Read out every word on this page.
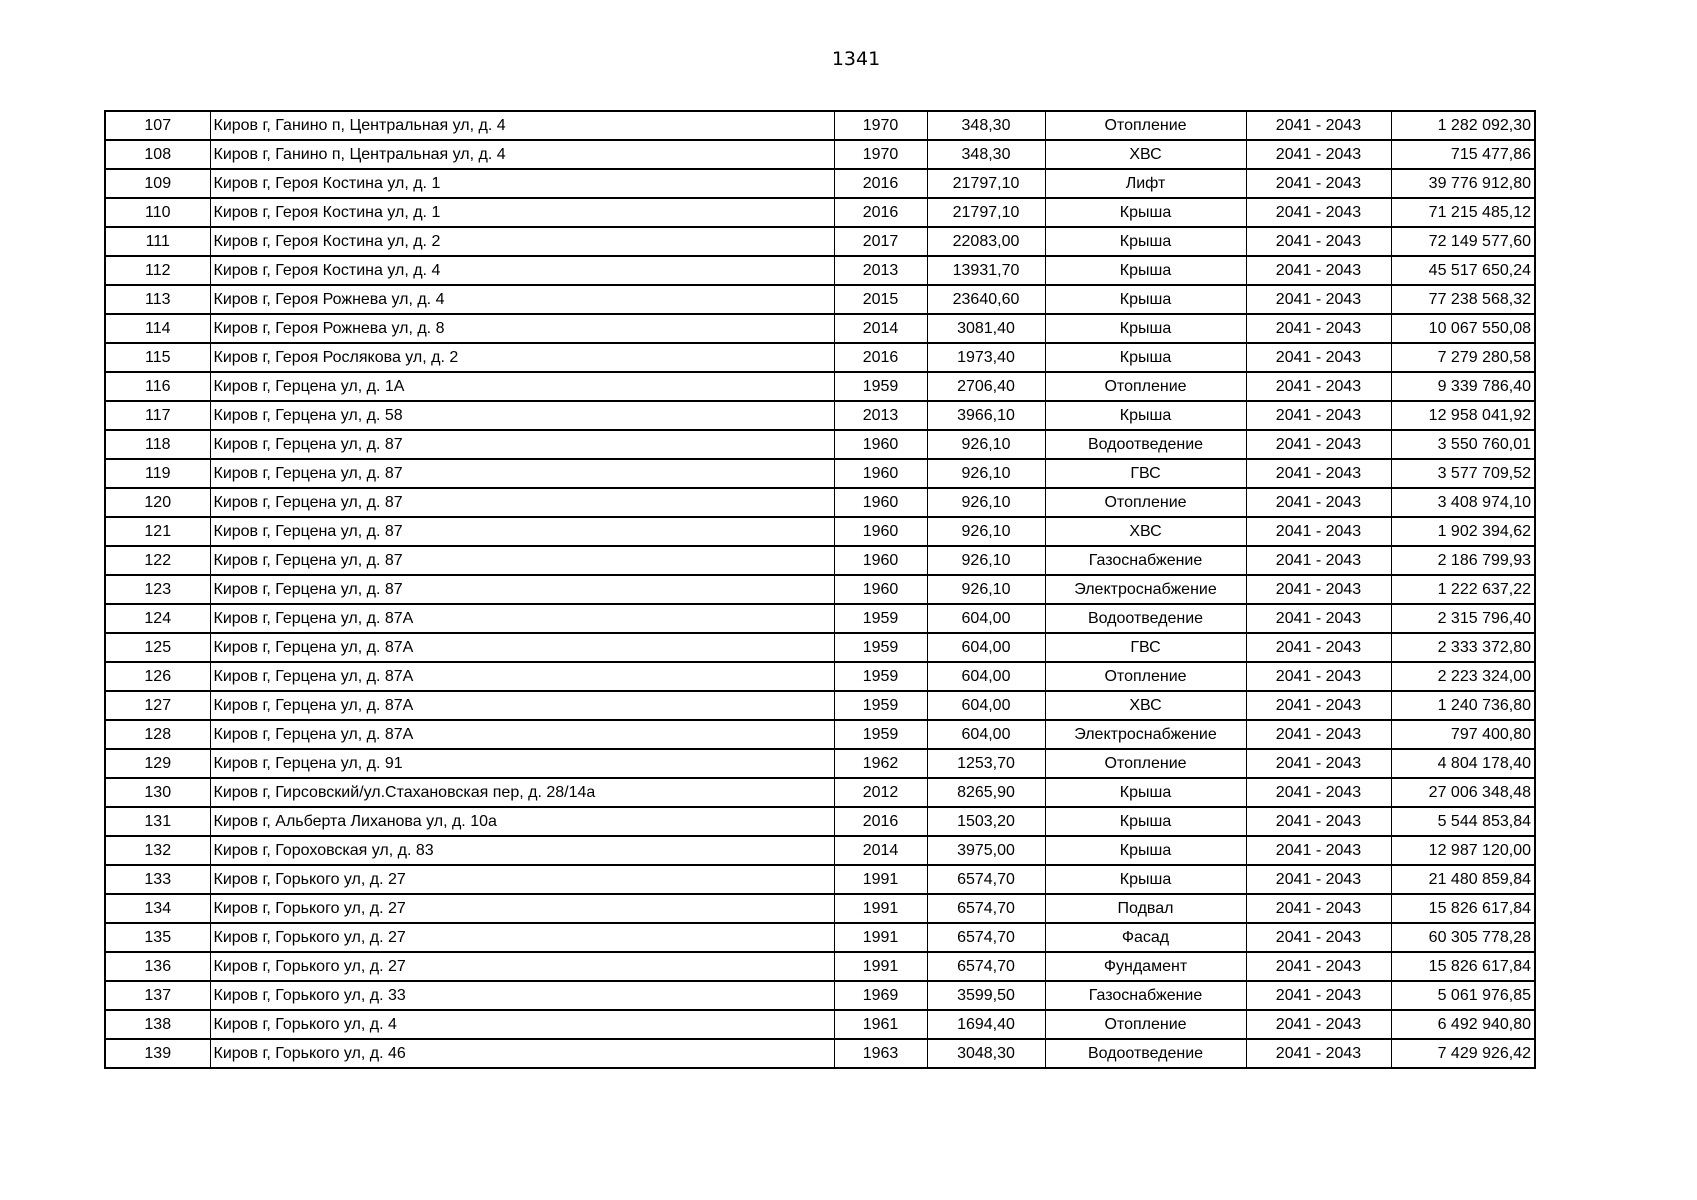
1341
107	Киров г, Ганино п, Центральная ул, д. 4	1970	348,30	Отопление	2041 - 2043	1 282 092,30
108	Киров г, Ганино п, Центральная ул, д. 4	1970	348,30	ХВС	2041 - 2043	715 477,86
109	Киров г, Героя Костина ул, д. 1	2016	21797,10	Лифт	2041 - 2043	39 776 912,80
110	Киров г, Героя Костина ул, д. 1	2016	21797,10	Крыша	2041 - 2043	71 215 485,12
111	Киров г, Героя Костина ул, д. 2	2017	22083,00	Крыша	2041 - 2043	72 149 577,60
112	Киров г, Героя Костина ул, д. 4	2013	13931,70	Крыша	2041 - 2043	45 517 650,24
113	Киров г, Героя Рожнева ул, д. 4	2015	23640,60	Крыша	2041 - 2043	77 238 568,32
114	Киров г, Героя Рожнева ул, д. 8	2014	3081,40	Крыша	2041 - 2043	10 067 550,08
115	Киров г, Героя Рослякова ул, д. 2	2016	1973,40	Крыша	2041 - 2043	7 279 280,58
116	Киров г, Герцена ул, д. 1А	1959	2706,40	Отопление	2041 - 2043	9 339 786,40
117	Киров г, Герцена ул, д. 58	2013	3966,10	Крыша	2041 - 2043	12 958 041,92
118	Киров г, Герцена ул, д. 87	1960	926,10	Водоотведение	2041 - 2043	3 550 760,01
119	Киров г, Герцена ул, д. 87	1960	926,10	ГВС	2041 - 2043	3 577 709,52
120	Киров г, Герцена ул, д. 87	1960	926,10	Отопление	2041 - 2043	3 408 974,10
121	Киров г, Герцена ул, д. 87	1960	926,10	ХВС	2041 - 2043	1 902 394,62
122	Киров г, Герцена ул, д. 87	1960	926,10	Газоснабжение	2041 - 2043	2 186 799,93
123	Киров г, Герцена ул, д. 87	1960	926,10	Электроснабжение	2041 - 2043	1 222 637,22
124	Киров г, Герцена ул, д. 87А	1959	604,00	Водоотведение	2041 - 2043	2 315 796,40
125	Киров г, Герцена ул, д. 87А	1959	604,00	ГВС	2041 - 2043	2 333 372,80
126	Киров г, Герцена ул, д. 87А	1959	604,00	Отопление	2041 - 2043	2 223 324,00
127	Киров г, Герцена ул, д. 87А	1959	604,00	ХВС	2041 - 2043	1 240 736,80
128	Киров г, Герцена ул, д. 87А	1959	604,00	Электроснабжение	2041 - 2043	797 400,80
129	Киров г, Герцена ул, д. 91	1962	1253,70	Отопление	2041 - 2043	4 804 178,40
130	Киров г, Гирсовский/ул.Стахановская пер, д. 28/14а	2012	8265,90	Крыша	2041 - 2043	27 006 348,48
131	Киров г, Альберта Лиханова ул, д. 10а	2016	1503,20	Крыша	2041 - 2043	5 544 853,84
132	Киров г, Гороховская ул, д. 83	2014	3975,00	Крыша	2041 - 2043	12 987 120,00
133	Киров г, Горького ул, д. 27	1991	6574,70	Крыша	2041 - 2043	21 480 859,84
134	Киров г, Горького ул, д. 27	1991	6574,70	Подвал	2041 - 2043	15 826 617,84
135	Киров г, Горького ул, д. 27	1991	6574,70	Фасад	2041 - 2043	60 305 778,28
136	Киров г, Горького ул, д. 27	1991	6574,70	Фундамент	2041 - 2043	15 826 617,84
137	Киров г, Горького ул, д. 33	1969	3599,50	Газоснабжение	2041 - 2043	5 061 976,85
138	Киров г, Горького ул, д. 4	1961	1694,40	Отопление	2041 - 2043	6 492 940,80
139	Киров г, Горького ул, д. 46	1963	3048,30	Водоотведение	2041 - 2043	7 429 926,42
